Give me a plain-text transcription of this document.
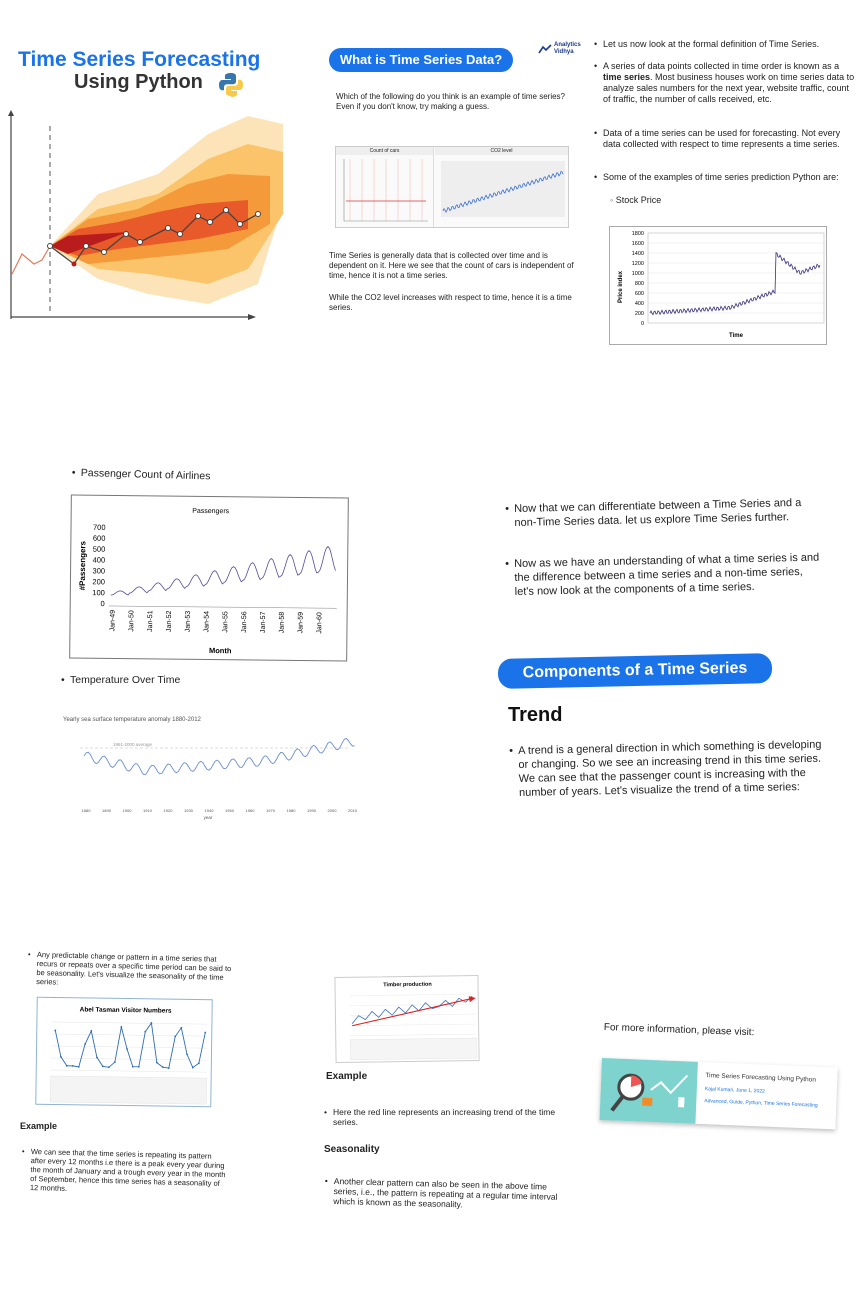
Time Series Forecasting
Using Python
What is Time Series Data?
Analytics Vidhya
Which of the following do you think is an example of time series? Even if you don't know, try making a guess.
Count of cars	CO2 level
Time Series is generally data that is collected over time and is dependent on it. Here we see that the count of cars is independent of time, hence it is not a time series.
While the CO2 level increases with respect to time, hence it is a time series.
• Let us now look at the formal definition of Time Series.
• A series of data points collected in time order is known as a time series. Most business houses work on time series data to analyze sales numbers for the next year, website traffic, count of traffic, the number of calls received, etc.
• Data of a time series can be used for forecasting. Not every data collected with respect to time represents a time series.
• Some of the examples of time series prediction Python are:
◦ Stock Price
Price index
1800
1600
1400
1200
1000
800
600
400
200
0
Time
• Passenger Count of Airlines
Passengers
#Passengers
700
600
500
400
300
200
100
0
Jan-49 Jan-50 Jan-51 Jan-52 Jan-53 Jan-54 Jan-55 Jan-56 Jan-57 Jan-58 Jan-59 Jan-60
Month
• Temperature Over Time
Yearly sea surface temperature anomaly 1880-2012
1961-2000 average
1880	1890	1900	1910	1920	1930	1940	1950	1960	1970	1980	1990	2000	2010
year
• Now that we can differentiate between a Time Series and a non-Time Series data. let us explore Time Series further.
• Now as we have an understanding of what a time series is and the difference between a time series and a non-time series, let's now look at the components of a time series.
Components of a Time Series
Trend
• A trend is a general direction in which something is developing or changing. So we see an increasing trend in this time series. We can see that the passenger count is increasing with the number of years. Let's visualize the trend of a time series:
• Any predictable change or pattern in a time series that recurs or repeats over a specific time period can be said to be seasonality. Let's visualize the seasonality of the time series:
Abel Tasman Visitor Numbers
Example
• We can see that the time series is repeating its pattern after every 12 months i.e there is a peak every year during the month of January and a trough every year in the month of September, hence this time series has a seasonality of 12 months.
Timber production
Example
• Here the red line represents an increasing trend of the time series.
Seasonality
• Another clear pattern can also be seen in the above time series, i.e., the pattern is repeating at a regular time interval which is known as the seasonality.
For more information, please visit:
Time Series Forecasting Using Python
Kajal Kumari, June 1, 2022
Advanced, Guide, Python, Time Series Forecasting
